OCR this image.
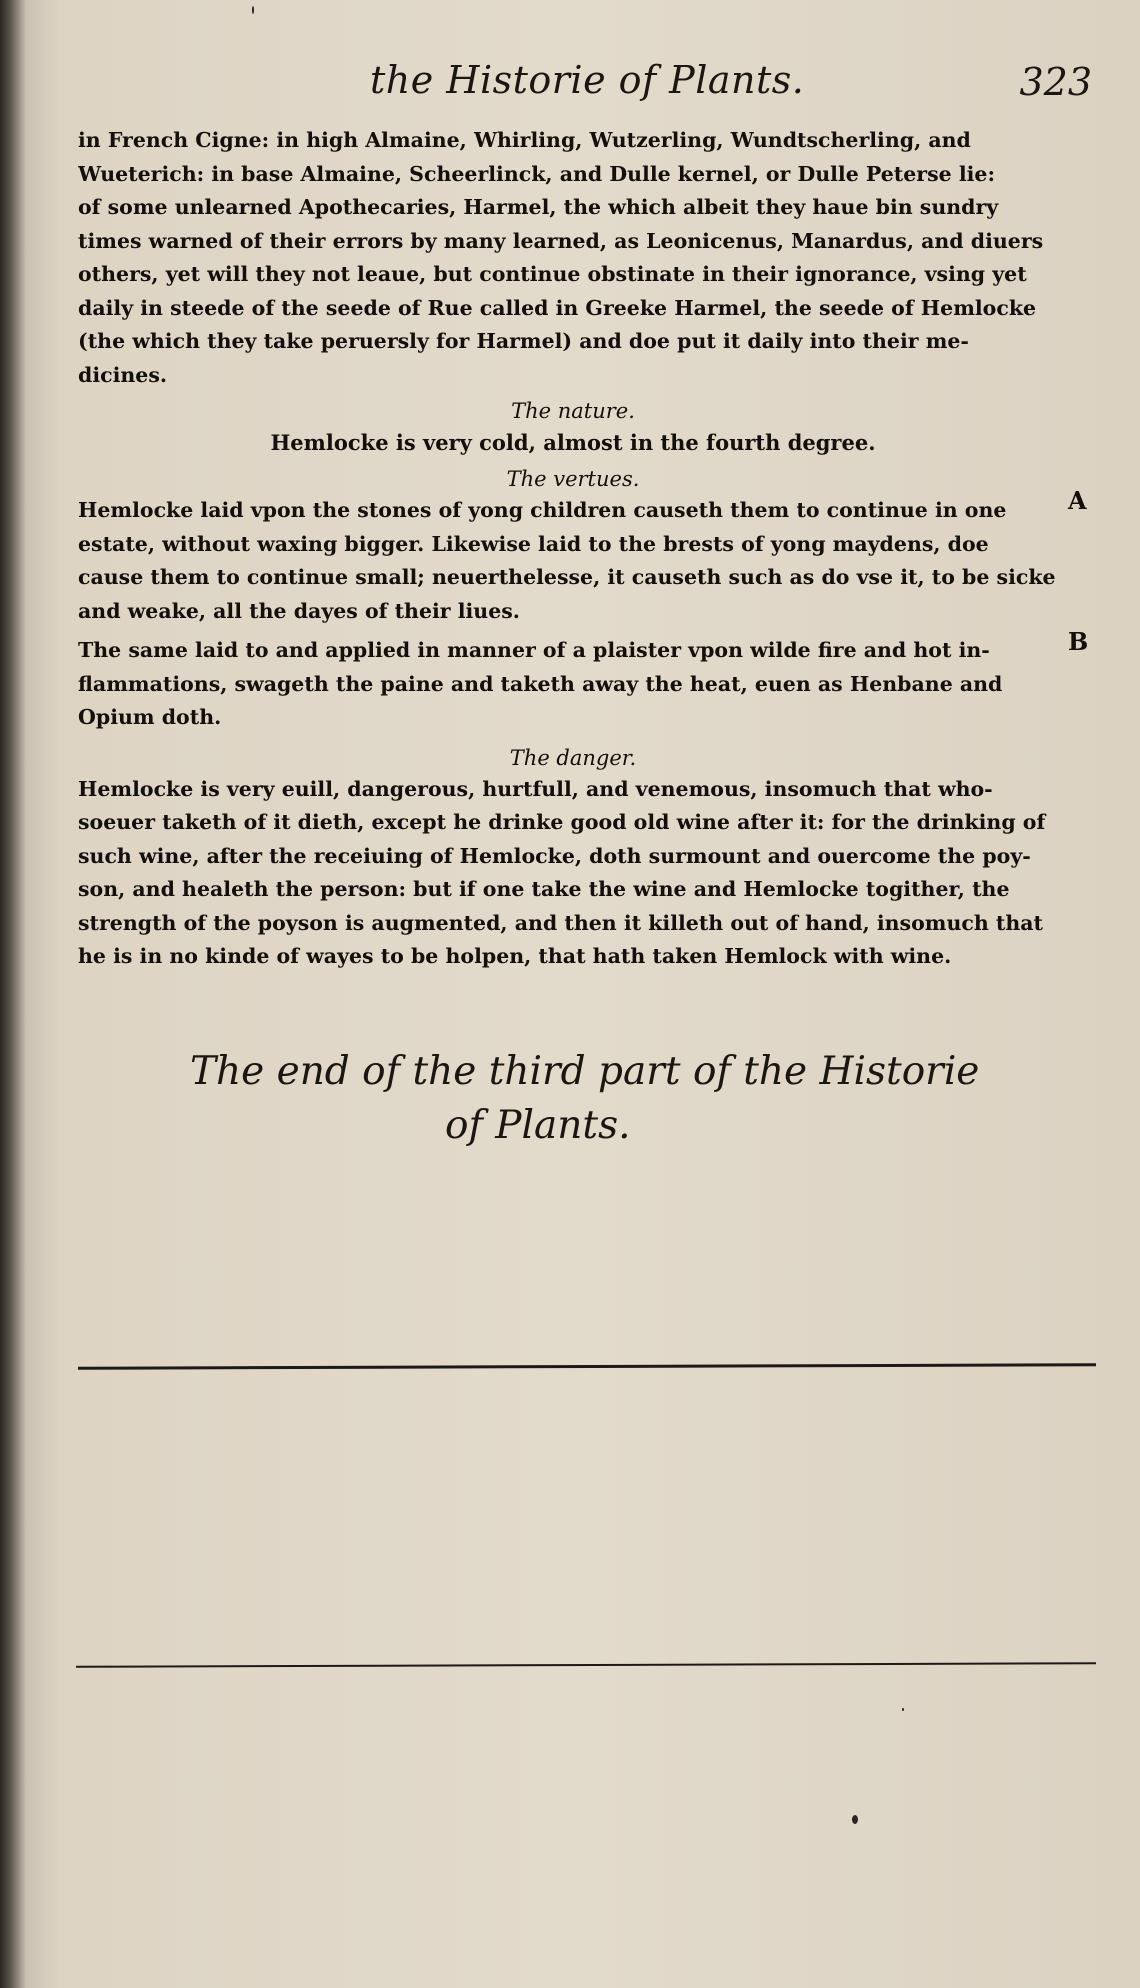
the Historie of Plants.	323
in French Cigne: in high Almaine, Whirling, Wutzerling, Wundtscherling, and
Wueterich: in base Almaine, Scheerlinck, and Dulle kernel, or Dulle Peterse lie:
of some unlearned Apothecaries, Harmel, the which albeit they haue bin sundry
times warned of their errors by many learned, as Leonicenus, Manardus, and diuers
others, yet will they not leaue, but continue obstinate in their ignorance, vsing yet
daily in steede of the seede of Rue called in Greeke Harmel, the seede of Hemlocke
(the which they take peruersly for Harmel) and doe put it daily into their me-
dicines.
The nature.
Hemlocke is very cold, almost in the fourth degree.
The vertues.
Hemlocke laid vpon the stones of yong children causeth them to continue in one
estate, without waxing bigger. Likewise laid to the brests of yong maydens, doe
cause them to continue small; neuerthelesse, it causeth such as do vse it, to be sicke
and weake, all the dayes of their liues.
The same laid to and applied in manner of a plaister vpon wilde fire and hot in-
flammations, swageth the paine and taketh away the heat, euen as Henbane and
Opium doth.
The danger.
Hemlocke is very euill, dangerous, hurtfull, and venemous, insomuch that who-
soeuer taketh of it dieth, except he drinke good old wine after it: for the drinking of
such wine, after the receiuing of Hemlocke, doth surmount and ouercome the poy-
son, and healeth the person: but if one take the wine and Hemlocke togither, the
strength of the poyson is augmented, and then it killeth out of hand, insomuch that
he is in no kinde of wayes to be holpen, that hath taken Hemlock with wine.
A
B
The end of the third part of the Historie
of Plants.
